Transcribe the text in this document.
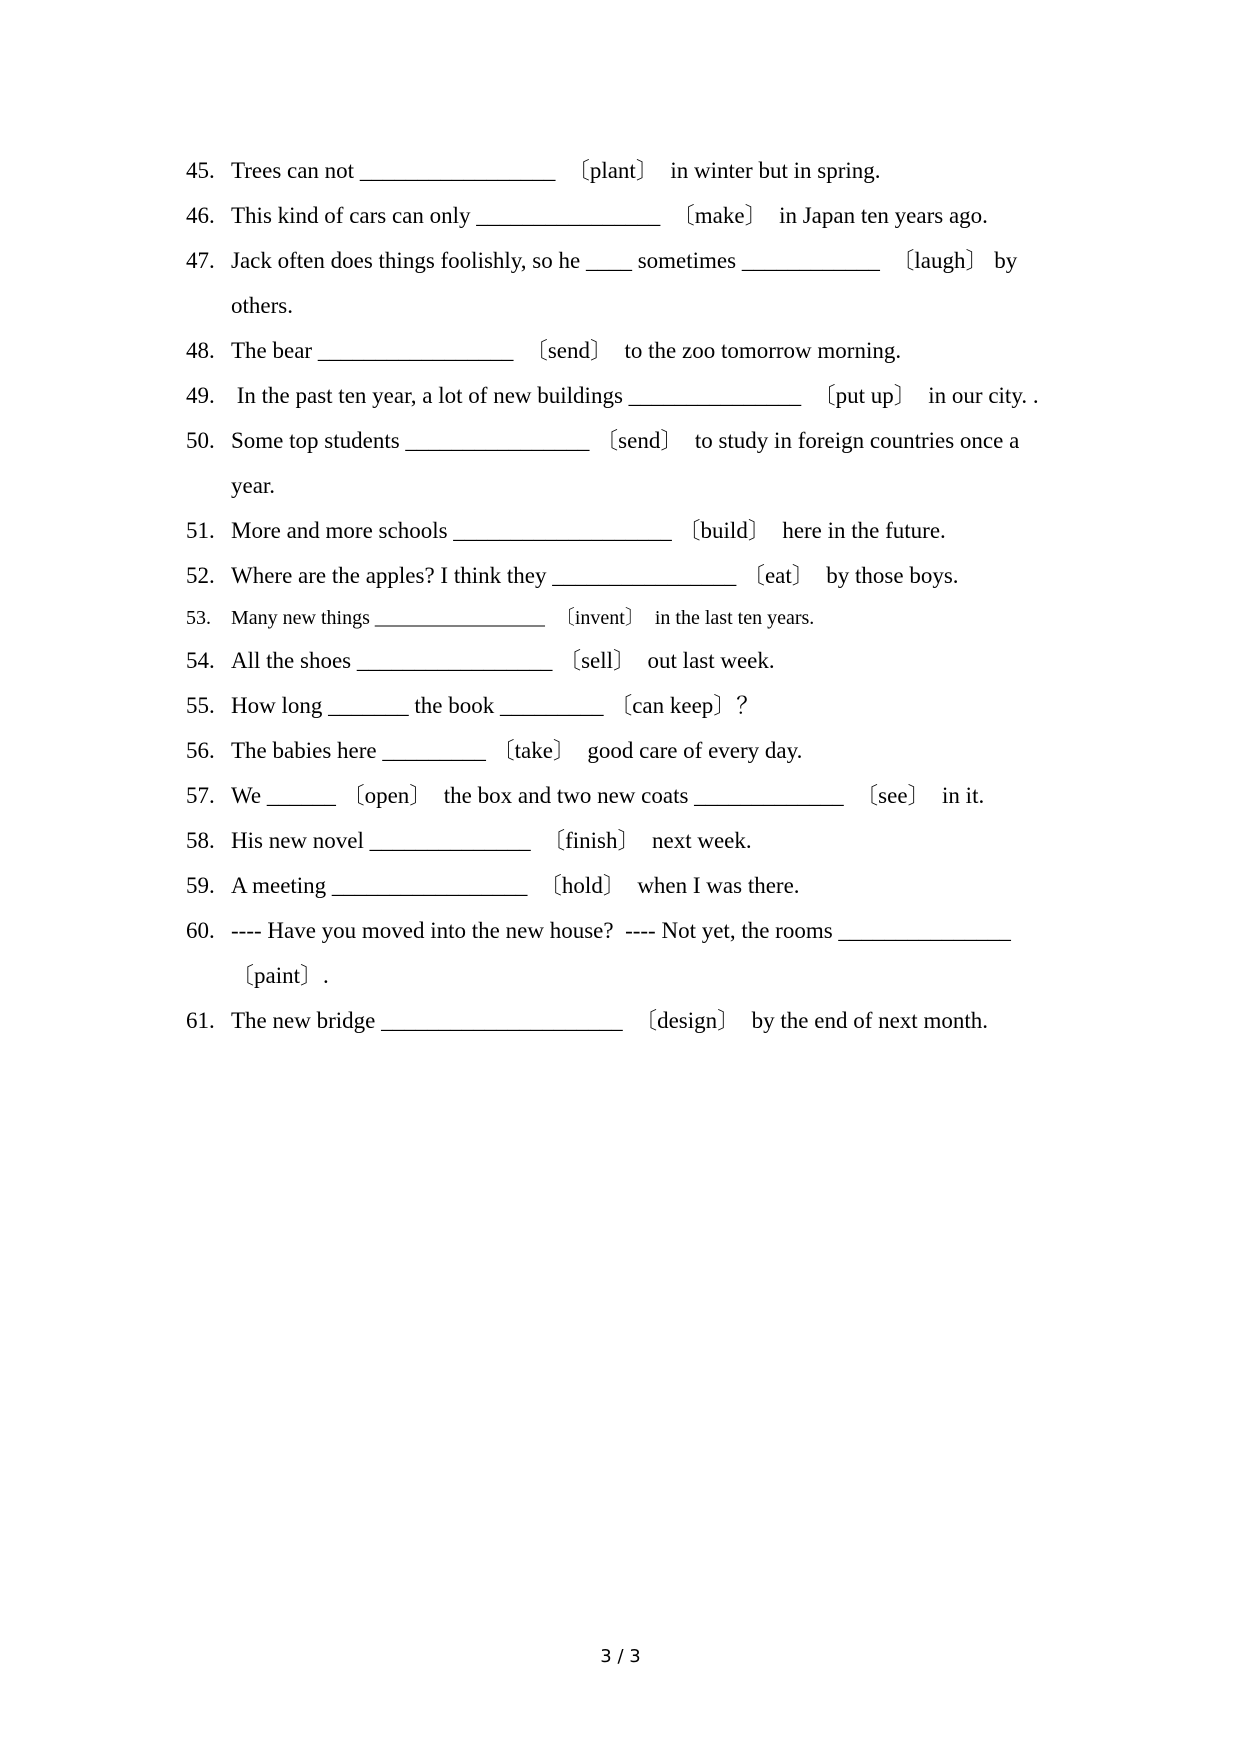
45. Trees can not _________________  〔plant〕  in winter but in spring.
46. This kind of cars can only ________________  〔make〕  in Japan ten years ago.
47. Jack often does things foolishly, so he ____ sometimes ____________  〔laugh〕 by
others.
48. The bear _________________  〔send〕  to the zoo tomorrow morning.
49. In the past ten year, a lot of new buildings _______________  〔put up〕  in our city. .
50. Some top students ________________ 〔send〕  to study in foreign countries once a
year.
51. More and more schools ___________________ 〔build〕  here in the future.
52. Where are the apples? I think they ________________ 〔eat〕  by those boys.
53. Many new things _________________  〔invent〕  in the last ten years.
54. All the shoes _________________ 〔sell〕  out last week.
55. How long _______ the book _________ 〔can keep〕？
56. The babies here _________ 〔take〕  good care of every day.
57. We ______ 〔open〕  the box and two new coats _____________  〔see〕  in it.
58. His new novel ______________  〔finish〕  next week.
59. A meeting _________________  〔hold〕  when I was there.
60. ---- Have you moved into the new house?  ---- Not yet, the rooms _______________
〔paint〕.
61. The new bridge _____________________  〔design〕  by the end of next month.
3 / 3
